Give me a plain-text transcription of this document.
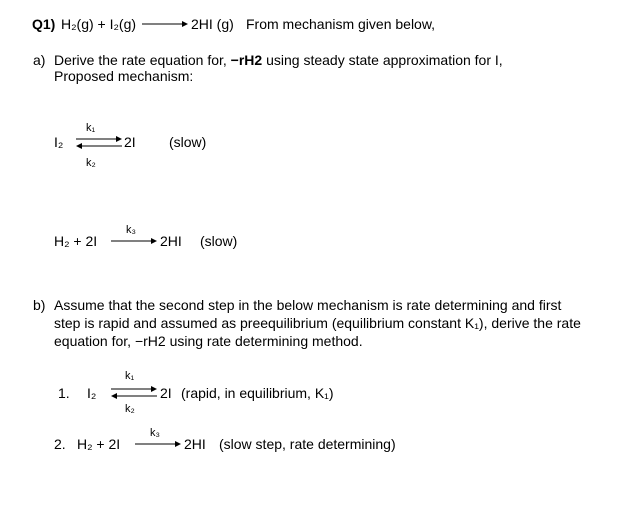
Q1) H₂(g) + I₂(g)	2HI (g) From mechanism given below,
a) Derive the rate equation for, −rH2 using steady state approximation for I,
Proposed mechanism:
I₂
k₁
k₂
2I (slow)
H₂ + 2I
k₃
2HI (slow)
b) Assume that the second step in the below mechanism is rate determining and first
step is rapid and assumed as preequilibrium (equilibrium constant K₁), derive the rate
equation for, −rH2 using rate determining method.
1. I₂
k₁
k₂
2I (rapid, in equilibrium, K₁)
2. H₂ + 2I
k₃
2HI (slow step, rate determining)
